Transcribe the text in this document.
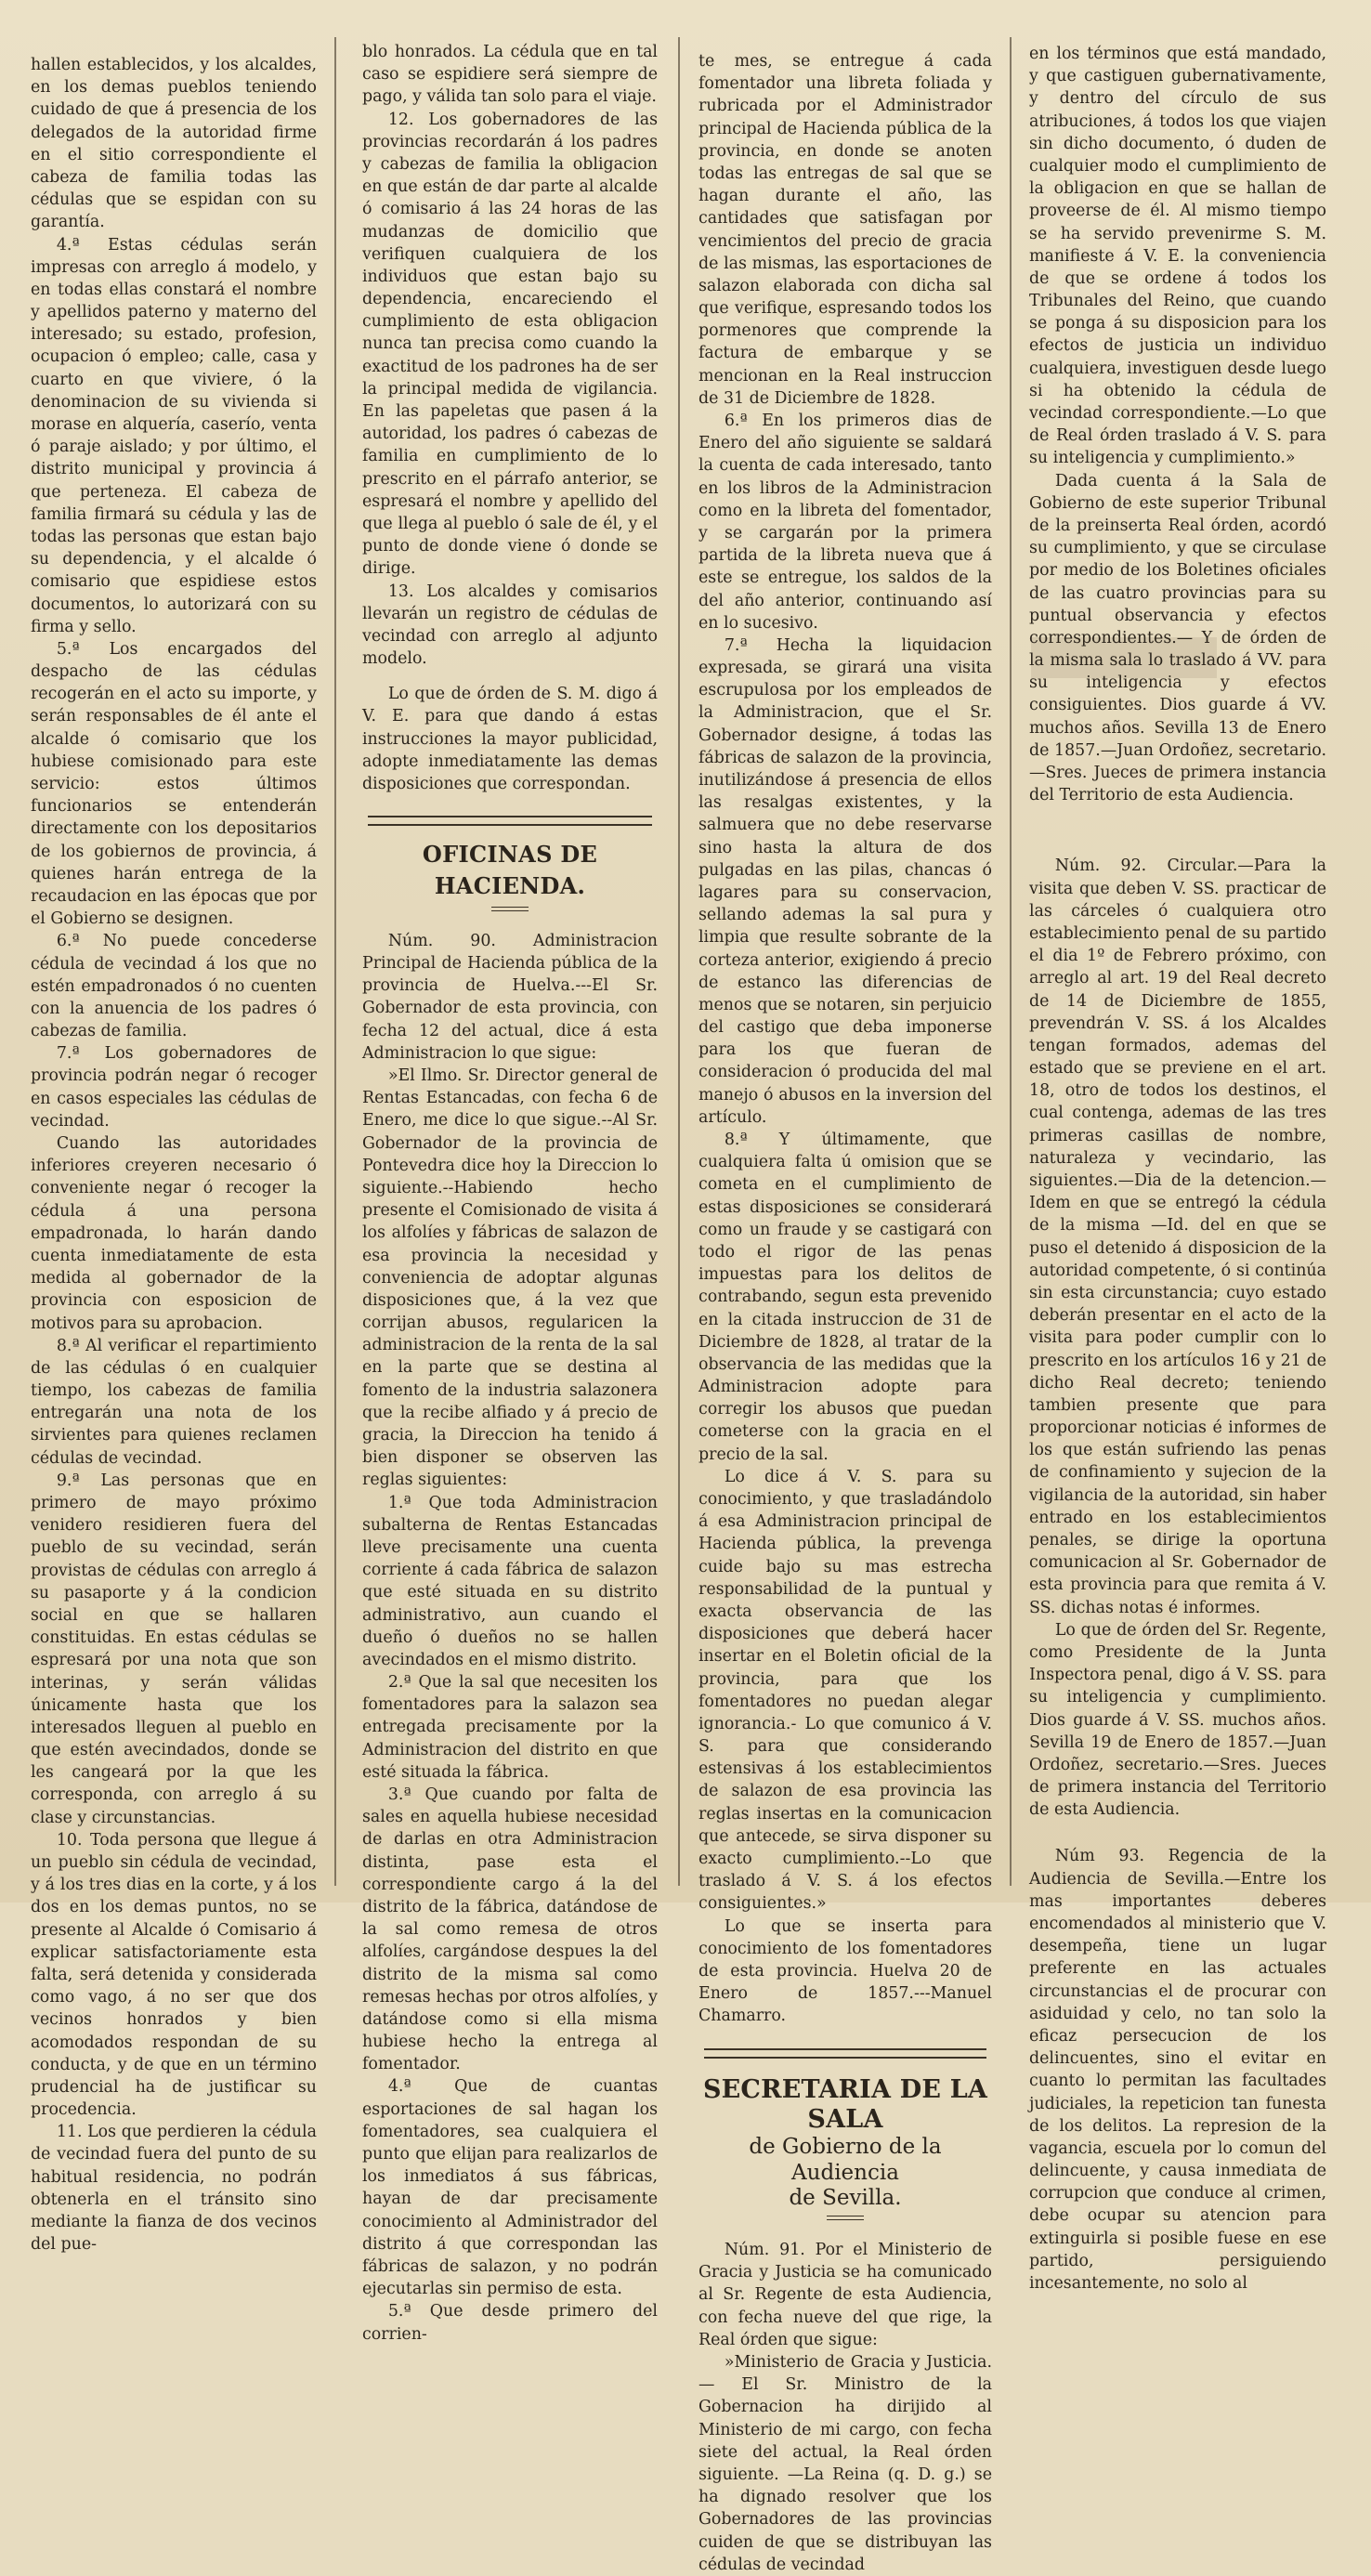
hallen establecidos, y los alcaldes, en los demas pueblos teniendo cuidado de que á presencia de los delegados de la autoridad firme en el sitio correspondiente el cabeza de familia todas las cédulas que se espidan con su garantía.

4.ª Estas cédulas serán impresas con arreglo á modelo, y en todas ellas constará el nombre y apellidos paterno y materno del interesado; su estado, profesion, ocupacion ó empleo; calle, casa y cuarto en que viviere, ó la denominacion de su vivienda si morase en alquería, caserío, venta ó paraje aislado; y por último, el distrito municipal y provincia á que perteneza. El cabeza de familia firmará su cédula y las de todas las personas que estan bajo su dependencia, y el alcalde ó comisario que espidiese estos documentos, lo autorizará con su firma y sello.

5.ª Los encargados del despacho de las cédulas recogerán en el acto su importe, y serán responsables de él ante el alcalde ó comisario que los hubiese comisionado para este servicio: estos últimos funcionarios se entenderán directamente con los depositarios de los gobiernos de provincia, á quienes harán entrega de la recaudacion en las épocas que por el Gobierno se designen.

6.ª No puede concederse cédula de vecindad á los que no estén empadronados ó no cuenten con la anuencia de los padres ó cabezas de familia.

7.ª Los gobernadores de provincia podrán negar ó recoger en casos especiales las cédulas de vecindad.

Cuando las autoridades inferiores creyeren necesario ó conveniente negar ó recoger la cédula á una persona empadronada, lo harán dando cuenta inmediatamente de esta medida al gobernador de la provincia con esposicion de motivos para su aprobacion.

8.ª Al verificar el repartimiento de las cédulas ó en cualquier tiempo, los cabezas de familia entregarán una nota de los sirvientes para quienes reclamen cédulas de vecindad.

9.ª Las personas que en primero de mayo próximo venidero residieren fuera del pueblo de su vecindad, serán provistas de cédulas con arreglo á su pasaporte y á la condicion social en que se hallaren constituidas. En estas cédulas se espresará por una nota que son interinas, y serán válidas únicamente hasta que los interesados lleguen al pueblo en que estén avecindados, donde se les cangeará por la que les corresponda, con arreglo á su clase y circunstancias.

10. Toda persona que llegue á un pueblo sin cédula de vecindad, y á los tres dias en la corte, y á los dos en los demas puntos, no se presente al Alcalde ó Comisario á explicar satisfactoriamente esta falta, será detenida y considerada como vago, á no ser que dos vecinos honrados y bien acomodados respondan de su conducta, y de que en un término prudencial ha de justificar su procedencia.

11. Los que perdieren la cédula de vecindad fuera del punto de su habitual residencia, no podrán obtenerla en el tránsito sino mediante la fianza de dos vecinos del pue-

blo honrados. La cédula que en tal caso se espidiere será siempre de pago, y válida tan solo para el viaje.

12. Los gobernadores de las provincias recordarán á los padres y cabezas de familia la obligacion en que están de dar parte al alcalde ó comisario á las 24 horas de las mudanzas de domicilio que verifiquen cualquiera de los individuos que estan bajo su dependencia, encareciendo el cumplimiento de esta obligacion nunca tan precisa como cuando la exactitud de los padrones ha de ser la principal medida de vigilancia. En las papeletas que pasen á la autoridad, los padres ó cabezas de familia en cumplimiento de lo prescrito en el párrafo anterior, se espresará el nombre y apellido del que llega al pueblo ó sale de él, y el punto de donde viene ó donde se dirige.

13. Los alcaldes y comisarios llevarán un registro de cédulas de vecindad con arreglo al adjunto modelo.

Lo que de órden de S. M. digo á V. E. para que dando á estas instrucciones la mayor publicidad, adopte inmediatamente las demas disposiciones que correspondan.

OFICINAS DE HACIENDA.

Núm. 90. Administracion Principal de Hacienda pública de la provincia de Huelva.---El Sr. Gobernador de esta provincia, con fecha 12 del actual, dice á esta Administracion lo que sigue:

»El Ilmo. Sr. Director general de Rentas Estancadas, con fecha 6 de Enero, me dice lo que sigue.--Al Sr. Gobernador de la provincia de Pontevedra dice hoy la Direccion lo siguiente.--Habiendo hecho presente el Comisionado de visita á los alfolíes y fábricas de salazon de esa provincia la necesidad y conveniencia de adoptar algunas disposiciones que, á la vez que corrijan abusos, regularicen la administracion de la renta de la sal en la parte que se destina al fomento de la industria salazonera que la recibe alfiado y á precio de gracia, la Direccion ha tenido á bien disponer se observen las reglas siguientes:

1.ª Que toda Administracion subalterna de Rentas Estancadas lleve precisamente una cuenta corriente á cada fábrica de salazon que esté situada en su distrito administrativo, aun cuando el dueño ó dueños no se hallen avecindados en el mismo distrito.

2.ª Que la sal que necesiten los fomentadores para la salazon sea entregada precisamente por la Administracion del distrito en que esté situada la fábrica.

3.ª Que cuando por falta de sales en aquella hubiese necesidad de darlas en otra Administracion distinta, pase esta el correspondiente cargo á la del distrito de la fábrica, datándose de la sal como remesa de otros alfolíes, cargándose despues la del distrito de la misma sal como remesas hechas por otros alfolíes, y datándose como si ella misma hubiese hecho la entrega al fomentador.

4.ª Que de cuantas esportaciones de sal hagan los fomentadores, sea cualquiera el punto que elijan para realizarlos de los inmediatos á sus fábricas, hayan de dar precisamente conocimiento al Administrador del distrito á que correspondan las fábricas de salazon, y no podrán ejecutarlas sin permiso de esta.

5.ª Que desde primero del corrien-

te mes, se entregue á cada fomentador una libreta foliada y rubricada por el Administrador principal de Hacienda pública de la provincia, en donde se anoten todas las entregas de sal que se hagan durante el año, las cantidades que satisfagan por vencimientos del precio de gracia de las mismas, las esportaciones de salazon elaborada con dicha sal que verifique, espresando todos los pormenores que comprende la factura de embarque y se mencionan en la Real instruccion de 31 de Diciembre de 1828.

6.ª En los primeros dias de Enero del año siguiente se saldará la cuenta de cada interesado, tanto en los libros de la Administracion como en la libreta del fomentador, y se cargarán por la primera partida de la libreta nueva que á este se entregue, los saldos de la del año anterior, continuando así en lo sucesivo.

7.ª Hecha la liquidacion expresada, se girará una visita escrupulosa por los empleados de la Administracion, que el Sr. Gobernador designe, á todas las fábricas de salazon de la provincia, inutilizándose á presencia de ellos las resalgas existentes, y la salmuera que no debe reservarse sino hasta la altura de dos pulgadas en las pilas, chancas ó lagares para su conservacion, sellando ademas la sal pura y limpia que resulte sobrante de la corteza anterior, exigiendo á precio de estanco las diferencias de menos que se notaren, sin perjuicio del castigo que deba imponerse para los que fueran de consideracion ó producida del mal manejo ó abusos en la inversion del artículo.

8.ª Y últimamente, que cualquiera falta ú omision que se cometa en el cumplimiento de estas disposiciones se considerará como un fraude y se castigará con todo el rigor de las penas impuestas para los delitos de contrabando, segun esta prevenido en la citada instruccion de 31 de Diciembre de 1828, al tratar de la observancia de las medidas que la Administracion adopte para corregir los abusos que puedan cometerse con la gracia en el precio de la sal.

Lo dice á V. S. para su conocimiento, y que trasladándolo á esa Administracion principal de Hacienda pública, la prevenga cuide bajo su mas estrecha responsabilidad de la puntual y exacta observancia de las disposiciones que deberá hacer insertar en el Boletin oficial de la provincia, para que los fomentadores no puedan alegar ignorancia.- Lo que comunico á V. S. para que considerando estensivas á los establecimientos de salazon de esa provincia las reglas insertas en la comunicacion que antecede, se sirva disponer su exacto cumplimiento.--Lo que traslado á V. S. á los efectos consiguientes.»

Lo que se inserta para conocimiento de los fomentadores de esta provincia. Huelva 20 de Enero de 1857.---Manuel Chamarro.

SECRETARIA DE LA SALA
de Gobierno de la Audiencia
de Sevilla.

Núm. 91. Por el Ministerio de Gracia y Justicia se ha comunicado al Sr. Regente de esta Audiencia, con fecha nueve del que rige, la Real órden que sigue:

»Ministerio de Gracia y Justicia.— El Sr. Ministro de la Gobernacion ha dirijido al Ministerio de mi cargo, con fecha siete del actual, la Real órden siguiente. —La Reina (q. D. g.) se ha dignado resolver que los Gobernadores de las provincias cuiden de que se distribuyan las cédulas de vecindad

en los términos que está mandado, y que castiguen gubernativamente, y dentro del círculo de sus atribuciones, á todos los que viajen sin dicho documento, ó duden de cualquier modo el cumplimiento de la obligacion en que se hallan de proveerse de él. Al mismo tiempo se ha servido prevenirme S. M. manifieste á V. E. la conveniencia de que se ordene á todos los Tribunales del Reino, que cuando se ponga á su disposicion para los efectos de justicia un individuo cualquiera, investiguen desde luego si ha obtenido la cédula de vecindad correspondiente.—Lo que de Real órden traslado á V. S. para su inteligencia y cumplimiento.»

Dada cuenta á la Sala de Gobierno de este superior Tribunal de la preinserta Real órden, acordó su cumplimiento, y que se circulase por medio de los Boletines oficiales de las cuatro provincias para su puntual observancia y efectos correspondientes.— Y de órden de la misma sala lo traslado á VV. para su inteligencia y efectos consiguientes. Dios guarde á VV. muchos años. Sevilla 13 de Enero de 1857.—Juan Ordoñez, secretario.—Sres. Jueces de primera instancia del Territorio de esta Audiencia.

Núm. 92. Circular.—Para la visita que deben V. SS. practicar de las cárceles ó cualquiera otro establecimiento penal de su partido el dia 1º de Febrero próximo, con arreglo al art. 19 del Real decreto de 14 de Diciembre de 1855, prevendrán V. SS. á los Alcaldes tengan formados, ademas del estado que se previene en el art. 18, otro de todos los destinos, el cual contenga, ademas de las tres primeras casillas de nombre, naturaleza y vecindario, las siguientes.—Dia de la detencion.—Idem en que se entregó la cédula de la misma —Id. del en que se puso el detenido á disposicion de la autoridad competente, ó si continúa sin esta circunstancia; cuyo estado deberán presentar en el acto de la visita para poder cumplir con lo prescrito en los artículos 16 y 21 de dicho Real decreto; teniendo tambien presente que para proporcionar noticias é informes de los que están sufriendo las penas de confinamiento y sujecion de la vigilancia de la autoridad, sin haber entrado en los establecimientos penales, se dirige la oportuna comunicacion al Sr. Gobernador de esta provincia para que remita á V. SS. dichas notas é informes.

Lo que de órden del Sr. Regente, como Presidente de la Junta Inspectora penal, digo á V. SS. para su inteligencia y cumplimiento. Dios guarde á V. SS. muchos años. Sevilla 19 de Enero de 1857.—Juan Ordoñez, secretario.—Sres. Jueces de primera instancia del Territorio de esta Audiencia.

Núm 93. Regencia de la Audiencia de Sevilla.—Entre los mas importantes deberes encomendados al ministerio que V. desempeña, tiene un lugar preferente en las actuales circunstancias el de procurar con asiduidad y celo, no tan solo la eficaz persecucion de los delincuentes, sino el evitar en cuanto lo permitan las facultades judiciales, la repeticion tan funesta de los delitos. La represion de la vagancia, escuela por lo comun del delincuente, y causa inmediata de corrupcion que conduce al crimen, debe ocupar su atencion para extinguirla si posible fuese en ese partido, persiguiendo incesantemente, no solo al
